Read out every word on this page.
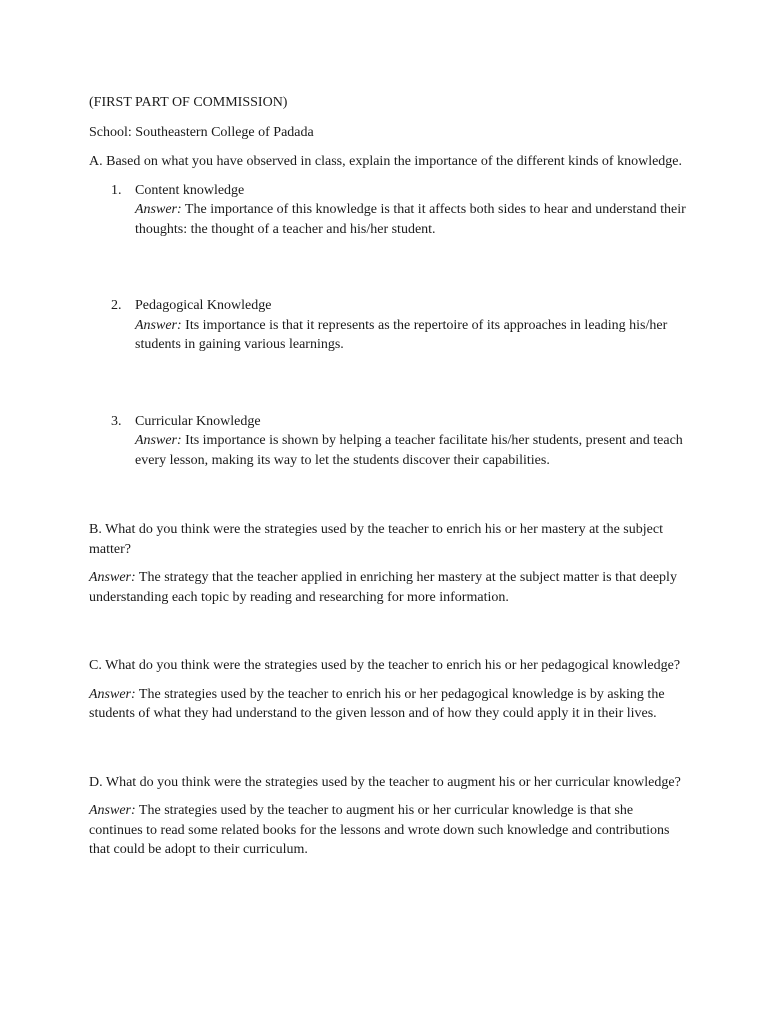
(FIRST PART OF COMMISSION)

School: Southeastern College of Padada

A. Based on what you have observed in class, explain the importance of the different kinds of knowledge.

1. Content knowledge

Answer: The importance of this knowledge is that it affects both sides to hear and understand their thoughts: the thought of a teacher and his/her student.

2. Pedagogical Knowledge

Answer: Its importance is that it represents as the repertoire of its approaches in leading his/her students in gaining various learnings.

3. Curricular Knowledge

Answer: Its importance is shown by helping a teacher facilitate his/her students, present and teach every lesson, making its way to let the students discover their capabilities.

B. What do you think were the strategies used by the teacher to enrich his or her mastery at the subject matter?

Answer: The strategy that the teacher applied in enriching her mastery at the subject matter is that deeply understanding each topic by reading and researching for more information.

C. What do you think were the strategies used by the teacher to enrich his or her pedagogical knowledge?

Answer: The strategies used by the teacher to enrich his or her pedagogical knowledge is by asking the students of what they had understand to the given lesson and of how they could apply it in their lives.

D. What do you think were the strategies used by the teacher to augment his or her curricular knowledge?

Answer: The strategies used by the teacher to augment his or her curricular knowledge is that she continues to read some related books for the lessons and wrote down such knowledge and contributions that could be adopt to their curriculum.
